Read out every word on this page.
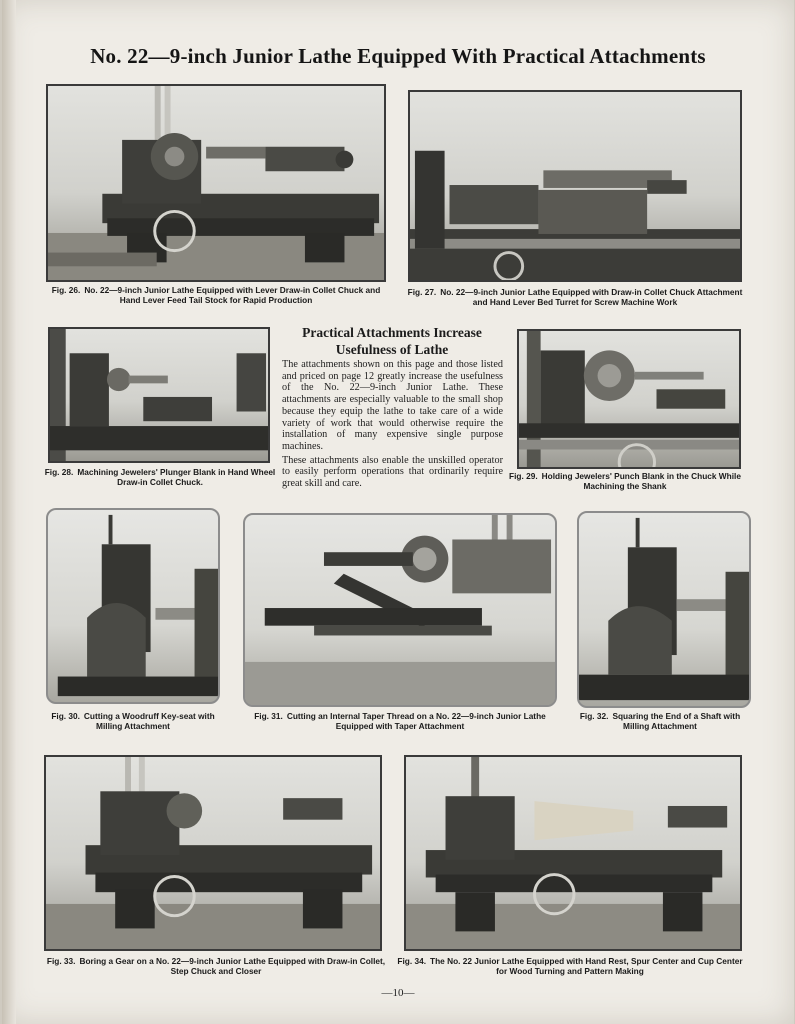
No. 22—9-inch Junior Lathe Equipped With Practical Attachments
Fig. 26. No. 22—9-inch Junior Lathe Equipped with Lever Draw-in Collet Chuck and Hand Lever Feed Tail Stock for Rapid Production
Fig. 27. No. 22—9-inch Junior Lathe Equipped with Draw-in Collet Chuck Attachment and Hand Lever Bed Turret for Screw Machine Work
Fig. 28. Machining Jewelers' Plunger Blank in Hand Wheel Draw-in Collet Chuck.
Practical Attachments Increase
Usefulness of Lathe

The attachments shown on this page and those listed and priced on page 12 greatly increase the usefulness of the No. 22—9-inch Junior Lathe. These attachments are especially valuable to the small shop because they equip the lathe to take care of a wide variety of work that would otherwise require the installation of many expensive single purpose machines.

These attachments also enable the unskilled operator to easily perform operations that ordinarily require great skill and care.

Fig. 29. Holding Jewelers' Punch Blank in the Chuck While Machining the Shank
Fig. 30. Cutting a Woodruff Key-seat with Milling Attachment
Fig. 31. Cutting an Internal Taper Thread on a No. 22—9-inch Junior Lathe Equipped with Taper Attachment
Fig. 32. Squaring the End of a Shaft with Milling Attachment
Fig. 33. Boring a Gear on a No. 22—9-inch Junior Lathe Equipped with Draw-in Collet, Step Chuck and Closer
Fig. 34. The No. 22 Junior Lathe Equipped with Hand Rest, Spur Center and Cup Center for Wood Turning and Pattern Making
—10—
